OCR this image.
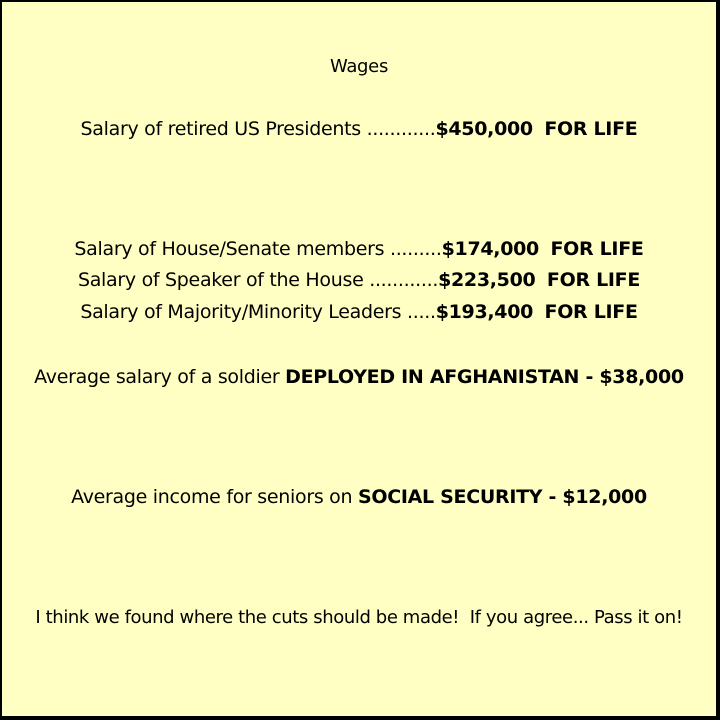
Wages
Salary of retired US Presidents ............$450,000 FOR LIFE
Salary of House/Senate members .........$174,000 FOR LIFE
Salary of Speaker of the House ............$223,500 FOR LIFE
Salary of Majority/Minority Leaders .....$193,400 FOR LIFE
Average salary of a soldier DEPLOYED IN AFGHANISTAN - $38,000
Average income for seniors on SOCIAL SECURITY - $12,000
I think we found where the cuts should be made!  If you agree... Pass it on!
